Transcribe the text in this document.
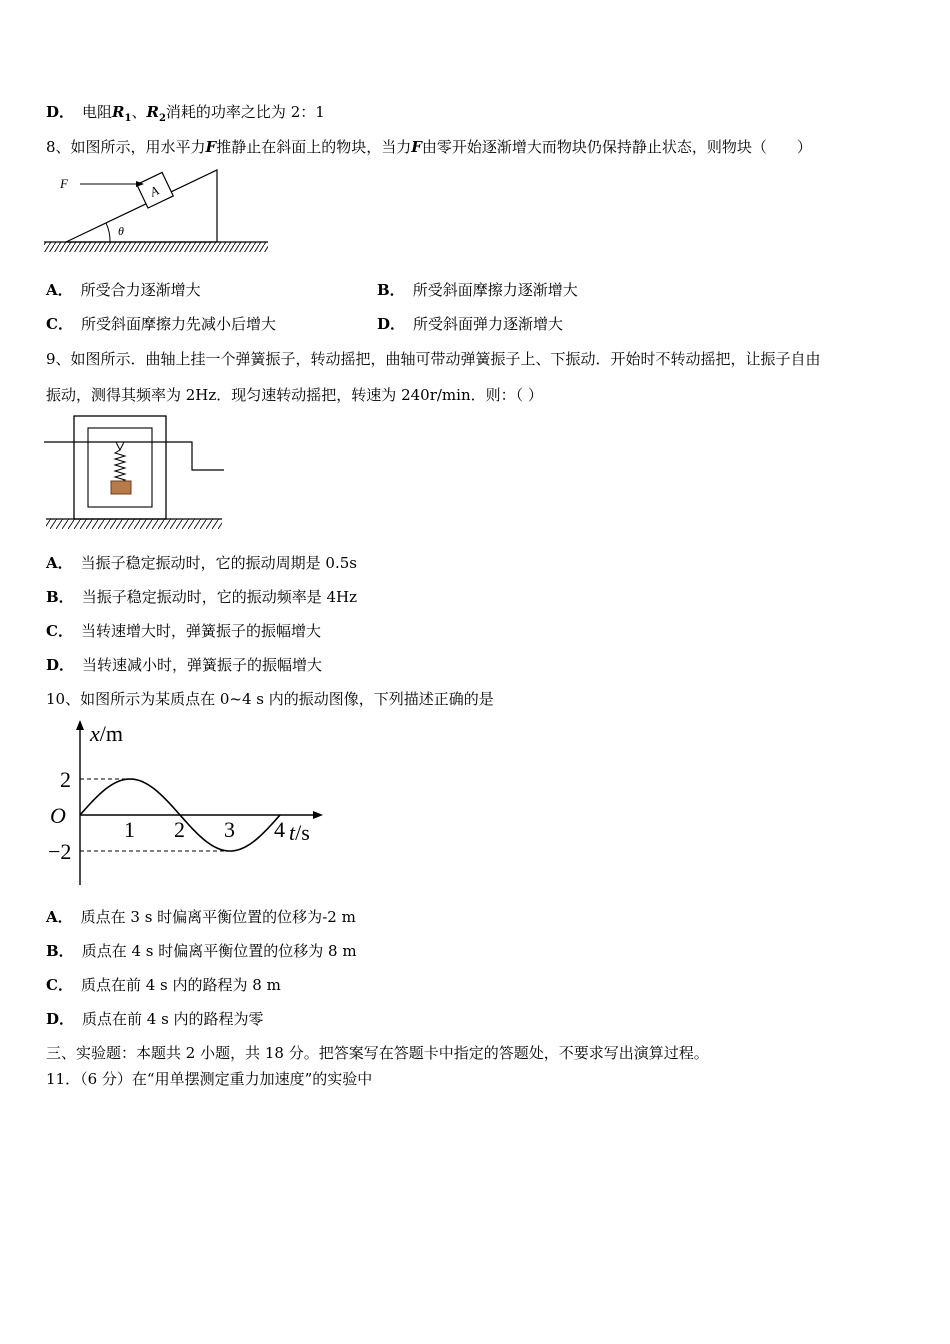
D． 电阻$R_1$、$R_2$消耗的功率之比为 2：1
8、如图所示，用水平力F推静止在斜面上的物块，当力F由零开始逐渐增大而物块仍保持静止状态，则物块（　　）
A
F
θ
A． 所受合力逐渐增大	B． 所受斜面摩擦力逐渐增大
C． 所受斜面摩擦力先减小后增大	D． 所受斜面弹力逐渐增大
9、如图所示．曲轴上挂一个弹簧振子，转动摇把，曲轴可带动弹簧振子上、下振动．开始时不转动摇把，让振子自由
振动，测得其频率为 2Hz．现匀速转动摇把，转速为 240r/min．则：（ ）
A． 当振子稳定振动时，它的振动周期是 0.5s
B． 当振子稳定振动时，它的振动频率是 4Hz
C． 当转速增大时，弹簧振子的振幅增大
D． 当转速减小时，弹簧振子的振幅增大
10、如图所示为某质点在 0~4 s 内的振动图像，下列描述正确的是
x/m
t/s
O
2
−2
1 2 3 4
A． 质点在 3 s 时偏离平衡位置的位移为-2 m
B． 质点在 4 s 时偏离平衡位置的位移为 8 m
C． 质点在前 4 s 内的路程为 8 m
D． 质点在前 4 s 内的路程为零
三、实验题：本题共 2 小题，共 18 分。把答案写在答题卡中指定的答题处，不要求写出演算过程。
11．（6 分）在“用单摆测定重力加速度”的实验中
